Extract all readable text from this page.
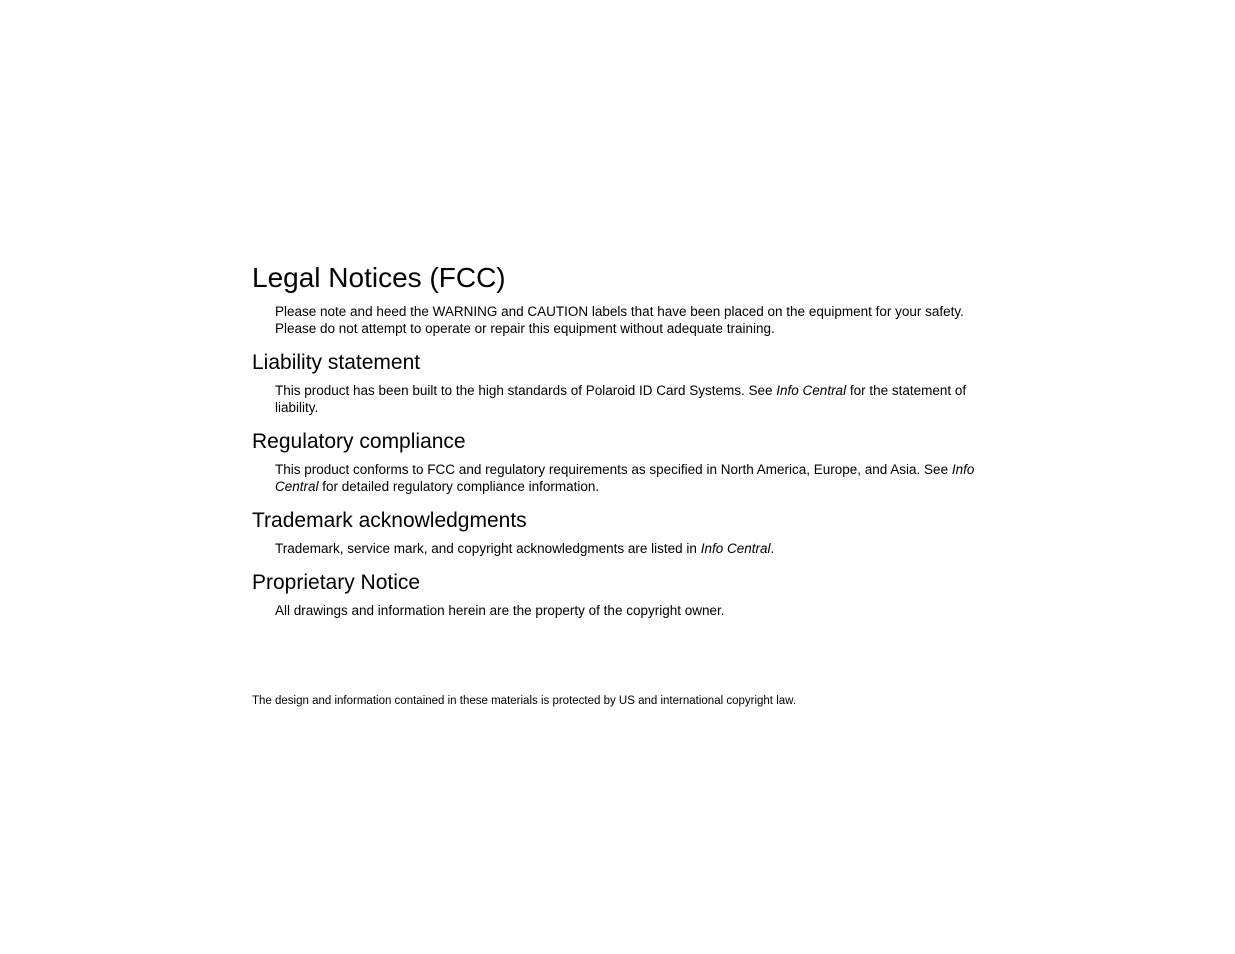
Legal Notices (FCC)

Please note and heed the WARNING and CAUTION labels that have been placed on the equipment for your safety. Please do not attempt to operate or repair this equipment without adequate training.

Liability statement

This product has been built to the high standards of Polaroid ID Card Systems. See Info Central for the statement of liability.

Regulatory compliance

This product conforms to FCC and regulatory requirements as specified in North America, Europe, and Asia. See Info Central for detailed regulatory compliance information.

Trademark acknowledgments

Trademark, service mark, and copyright acknowledgments are listed in Info Central.

Proprietary Notice

All drawings and information herein are the property of the copyright owner.

The design and information contained in these materials is protected by US and international copyright law.
